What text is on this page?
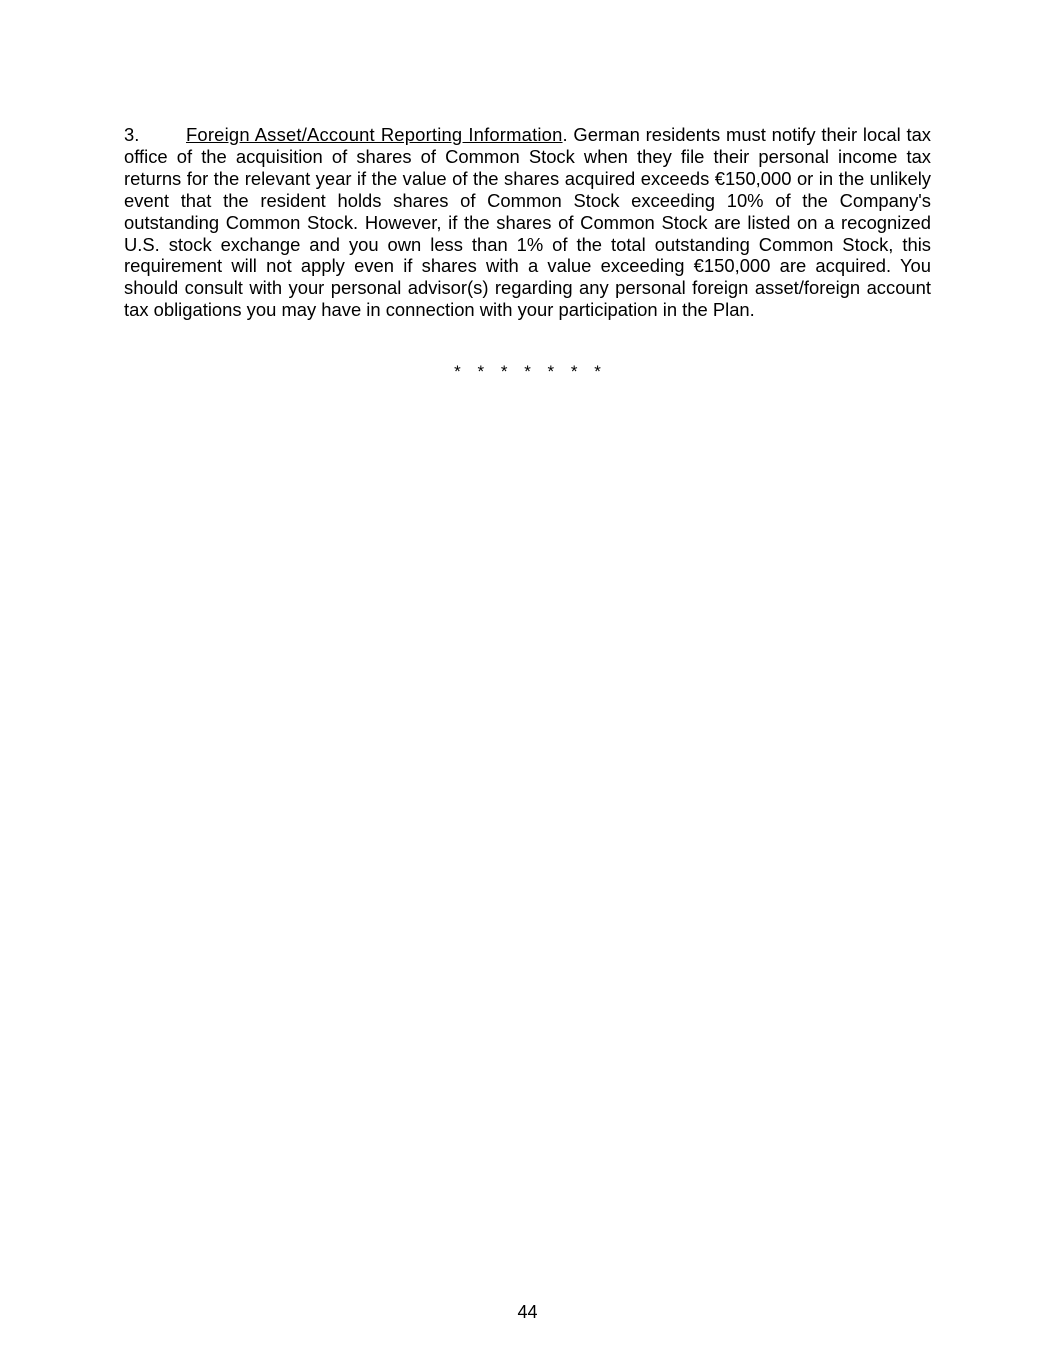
3.	Foreign Asset/Account Reporting Information. German residents must notify their local tax office of the acquisition of shares of Common Stock when they file their personal income tax returns for the relevant year if the value of the shares acquired exceeds €150,000 or in the unlikely event that the resident holds shares of Common Stock exceeding 10% of the Company's outstanding Common Stock. However, if the shares of Common Stock are listed on a recognized U.S. stock exchange and you own less than 1% of the total outstanding Common Stock, this requirement will not apply even if shares with a value exceeding €150,000 are acquired. You should consult with your personal advisor(s) regarding any personal foreign asset/foreign account tax obligations you may have in connection with your participation in the Plan.

* * * * * * *
44
